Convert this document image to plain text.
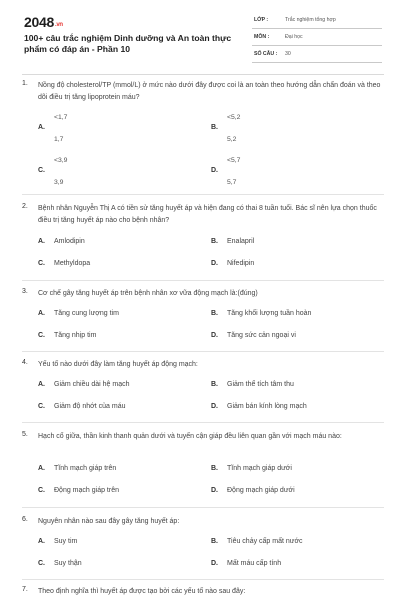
2048.vn
100+ câu trắc nghiệm Dinh dưỡng và An toàn thực phẩm có đáp án - Phần 10
LỚP :	Trắc nghiệm tổng hợp
MÔN :	Đại học
SỐ CÂU : 30
1. Nồng độ cholesterol/TP (mmol/L) ở mức nào dưới đây được coi là an toàn theo hướng dẫn chẩn đoán và theo dõi điều trị tăng lipoprotein máu?
<1,7
A.
1,7
<5,2
B.
5,2
<3,9
C.
3,9
<5,7
D.
5,7
2. Bệnh nhân Nguyễn Thị A có tiền sử tăng huyết áp và hiện đang có thai 8 tuần tuổi. Bác sĩ nên lựa chọn thuốc điều trị tăng huyết áp nào cho bệnh nhân?
A. Amlodipin	B. Enalapril
C. Methyldopa	D. Nifedipin
3. Cơ chế gây tăng huyết áp trên bệnh nhân xơ vữa động mạch là:(đúng)
A. Tăng cung lượng tim	B. Tăng khối lượng tuần hoàn
C. Tăng nhịp tim	D. Tăng sức cản ngoại vi
4. Yếu tố nào dưới đây làm tăng huyết áp động mạch:
A. Giảm chiều dài hệ mạch	B. Giảm thể tích tâm thu
C. Giảm độ nhớt của máu	D. Giảm bán kính lòng mạch
5. Hạch cổ giữa, thần kinh thanh quản dưới và tuyến cận giáp đều liên quan gần với mạch máu nào:
A. Tĩnh mạch giáp trên	B. Tĩnh mạch giáp dưới
C. Động mạch giáp trên	D. Động mạch giáp dưới
6. Nguyên nhân nào sau đây gây tăng huyết áp:
A. Suy tim	B. Tiêu chảy cấp mất nước
C. Suy thận	D. Mất máu cấp tính
7. Theo định nghĩa thì huyết áp được tạo bởi các yếu tố nào sau đây:
